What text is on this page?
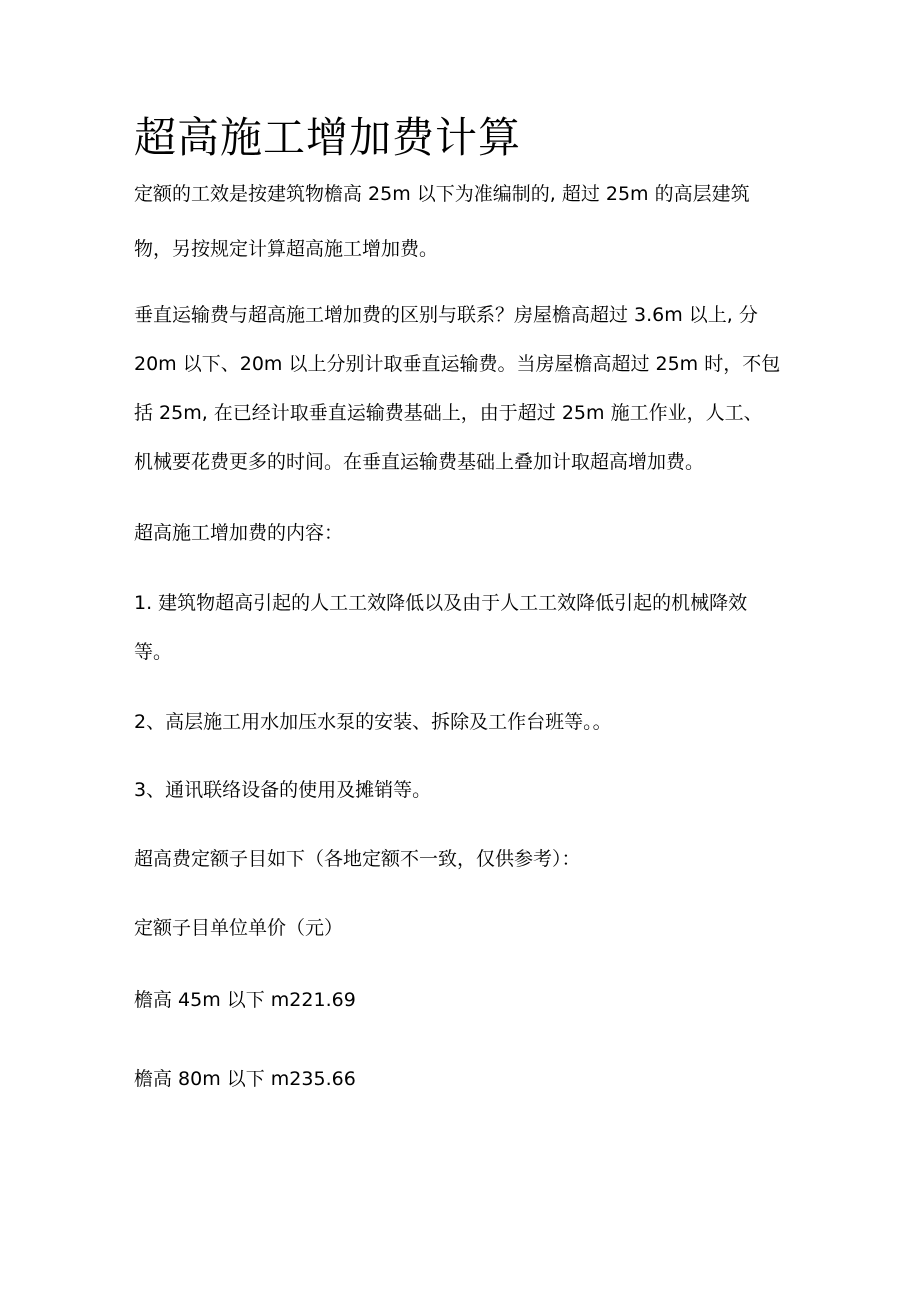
超高施工增加费计算
定额的工效是按建筑物檐高 25m 以下为准编制的, 超过 25m 的高层建筑
物，另按规定计算超高施工增加费。
垂直运输费与超高施工增加费的区别与联系？房屋檐高超过 3.6m 以上, 分
20m 以下、20m 以上分别计取垂直运输费。当房屋檐高超过 25m 时，不包
括 25m, 在已经计取垂直运输费基础上，由于超过 25m 施工作业，人工、
机械要花费更多的时间。在垂直运输费基础上叠加计取超高增加费。
超高施工增加费的内容：
1. 建筑物超高引起的人工工效降低以及由于人工工效降低引起的机械降效
等。
2、高层施工用水加压水泵的安装、拆除及工作台班等。。
3、通讯联络设备的使用及摊销等。
超高费定额子目如下（各地定额不一致，仅供参考）：
定额子目单位单价（元）
檐高 45m 以下 m221.69
檐高 80m 以下 m235.66
